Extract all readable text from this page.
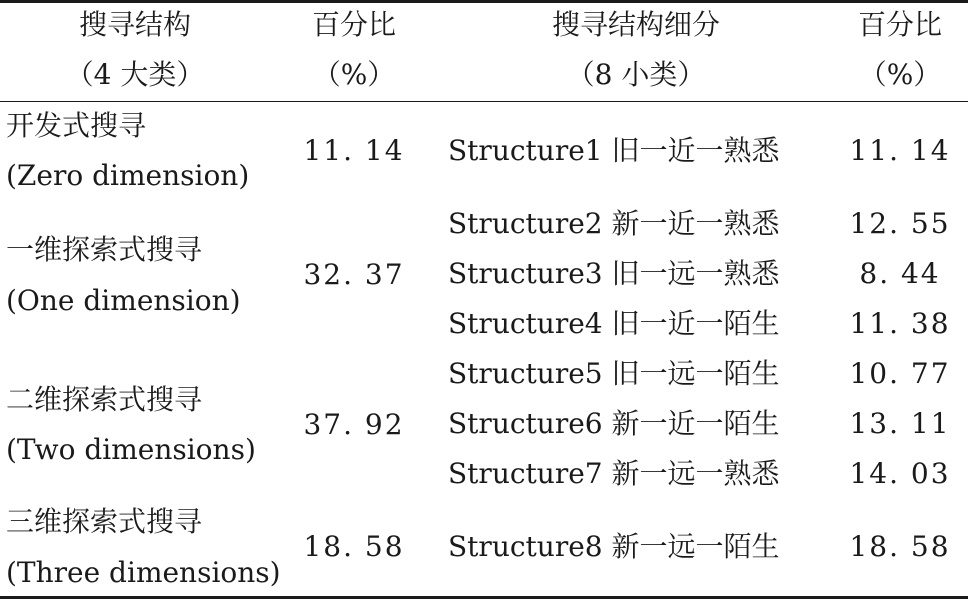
搜寻结构
（4 大类）
百分比
（%）
搜寻结构细分
（8 小类）
百分比
（%）
开发式搜寻
(Zero dimension)
11. 14
一维探索式搜寻
(One dimension)
32. 37
二维探索式搜寻
(Two dimensions)
37. 92
三维探索式搜寻
(Three dimensions)
18. 58
Structure1 旧一近一熟悉 11. 14
Structure2 新一近一熟悉 12. 55
Structure3 旧一远一熟悉	8. 44
Structure4 旧一近一陌生 11. 38
Structure5 旧一远一陌生 10. 77
Structure6 新一近一陌生 13. 11
Structure7 新一远一熟悉 14. 03
Structure8 新一远一陌生 18. 58
